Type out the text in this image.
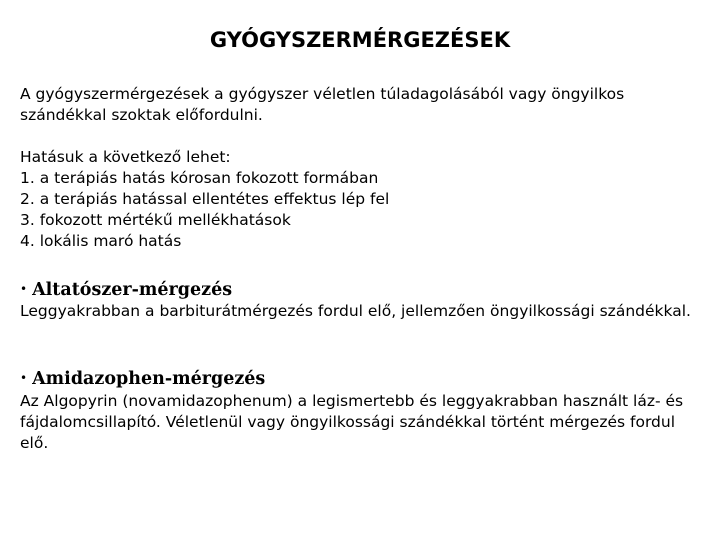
GYÓGYSZERMÉRGEZÉSEK

A gyógyszermérgezések a gyógyszer véletlen túladagolásából vagy öngyilkos szándékkal szoktak előfordulni.

Hatásuk a következő lehet:
1. a terápiás hatás kórosan fokozott formában
2. a terápiás hatással ellentétes effektus lép fel
3. fokozott mértékű mellékhatások
4. lokális maró hatás
• Altatószer-mérgezés

Leggyakrabban a barbiturátmérgezés fordul elő, jellemzően öngyilkossági szándékkal.

• Amidazophen-mérgezés

Az Algopyrin (novamidazophenum) a legismertebb és leggyakrabban használt láz- és fájdalomcsillapító. Véletlenül vagy öngyilkossági szándékkal történt mérgezés fordul elő.
